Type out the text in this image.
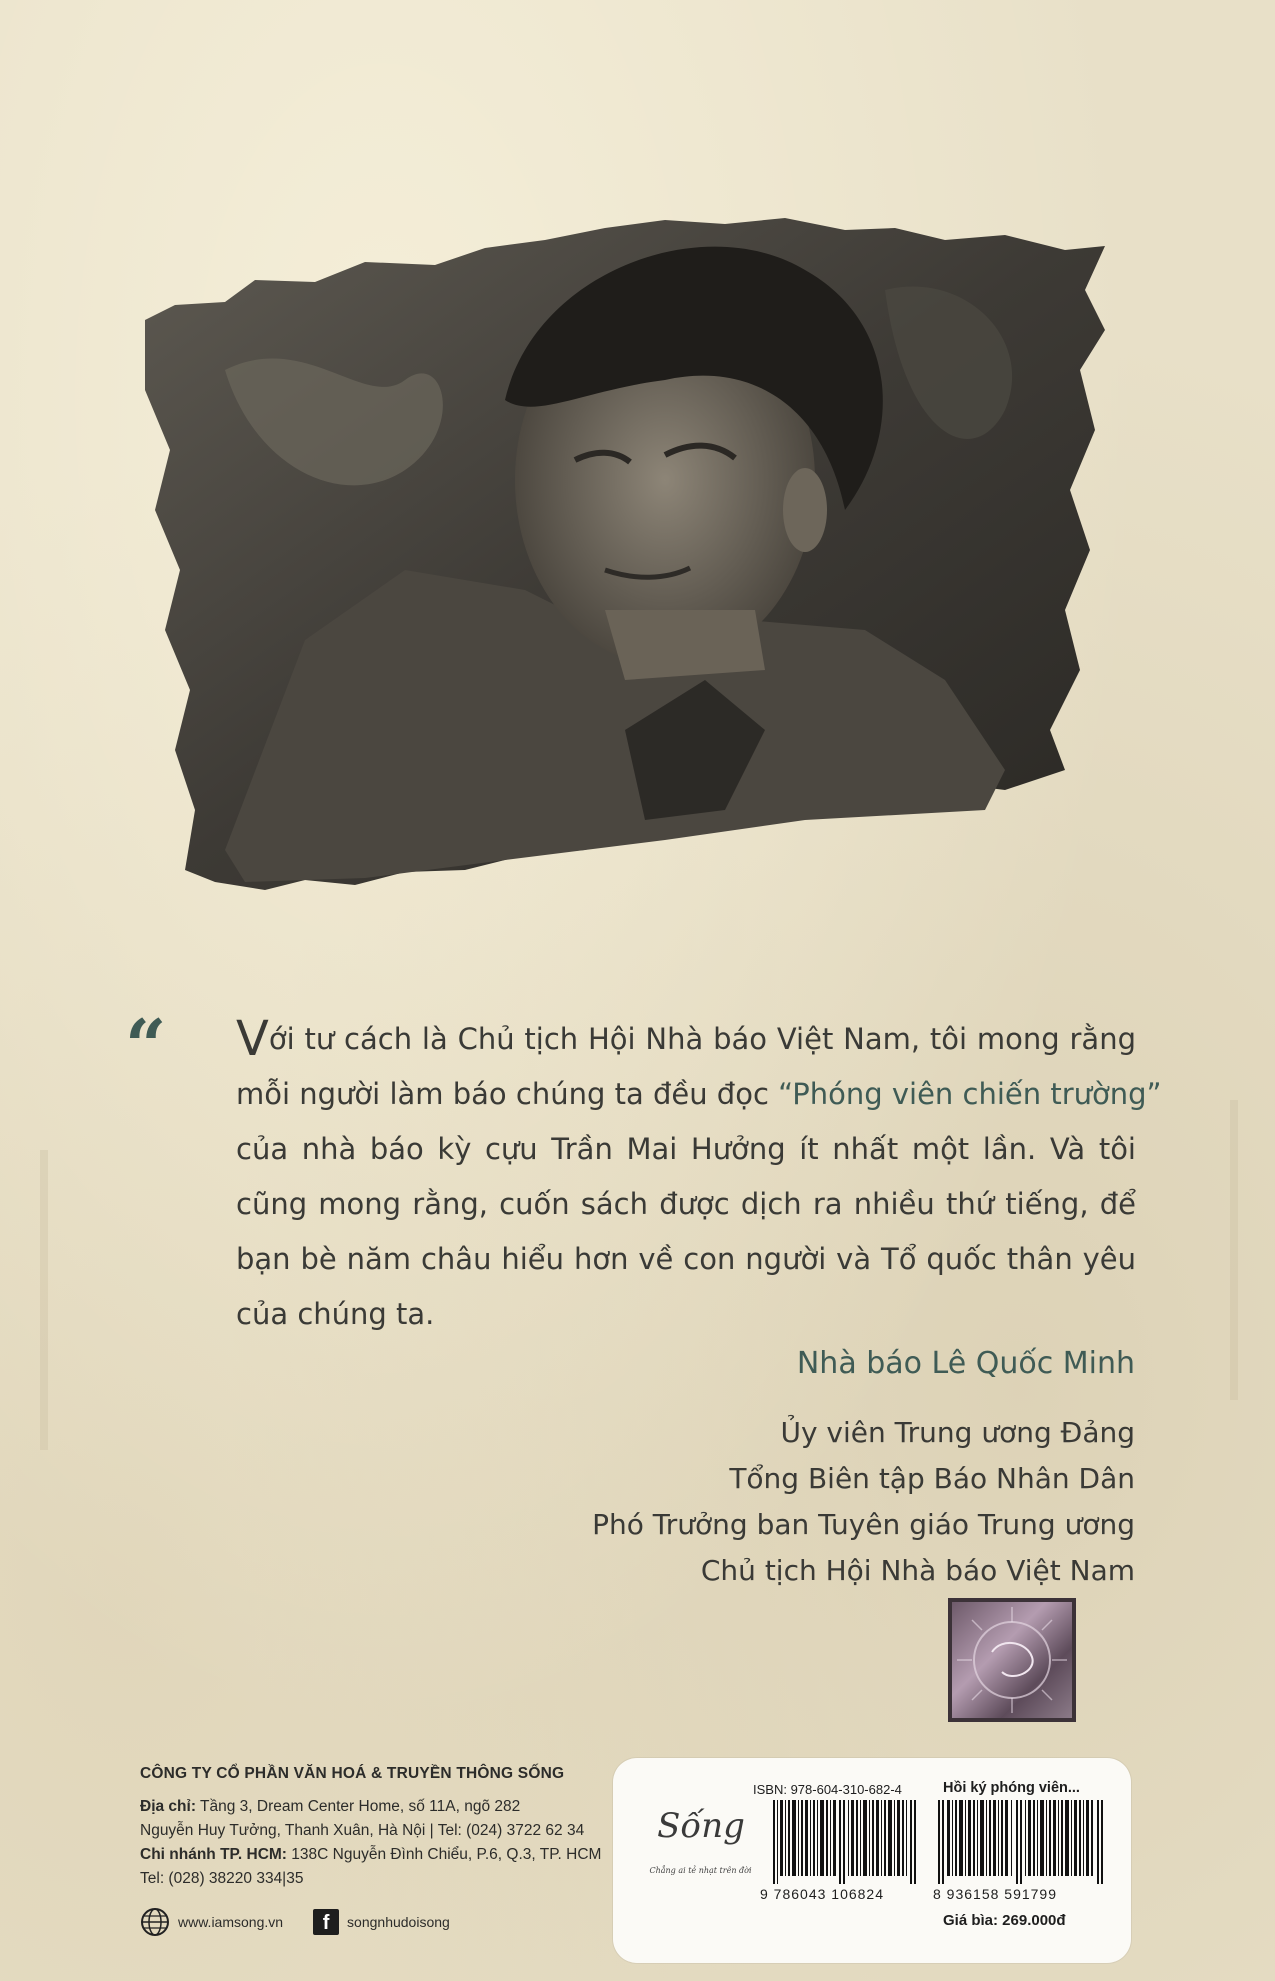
“ Với tư cách là Chủ tịch Hội Nhà báo Việt Nam, tôi mong rằng
mỗi người làm báo chúng ta đều đọc “Phóng viên chiến trường”
của nhà báo kỳ cựu Trần Mai Hưởng ít nhất một lần. Và tôi
cũng mong rằng, cuốn sách được dịch ra nhiều thứ tiếng, để
bạn bè năm châu hiểu hơn về con người và Tổ quốc thân yêu
của chúng ta.
Nhà báo Lê Quốc Minh
Ủy viên Trung ương Đảng
Tổng Biên tập Báo Nhân Dân
Phó Trưởng ban Tuyên giáo Trung ương
Chủ tịch Hội Nhà báo Việt Nam
CÔNG TY CỔ PHẦN VĂN HOÁ & TRUYỀN THÔNG SỐNG
Địa chỉ: Tầng 3, Dream Center Home, số 11A, ngõ 282
Nguyễn Huy Tưởng, Thanh Xuân, Hà Nội | Tel: (024) 3722 62 34
Chi nhánh TP. HCM: 138C Nguyễn Đình Chiểu, P.6, Q.3, TP. HCM
Tel: (028) 38220 334|35
www.iamsong.vn	f	songnhudoisong
Sống
Chẳng ai tẻ nhạt trên đời
ISBN: 978-604-310-682-4	Hồi ký phóng viên...
9 786043 106824	8 936158 591799
Giá bìa: 269.000đ
